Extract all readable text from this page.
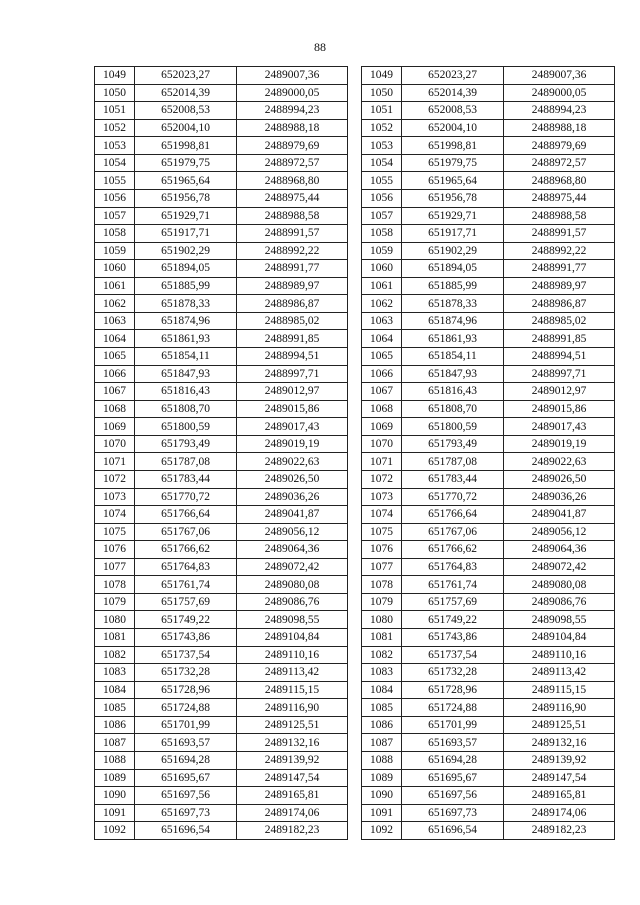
88
1049	652023,27	2489007,36
1050	652014,39	2489000,05
1051	652008,53	2488994,23
1052	652004,10	2488988,18
1053	651998,81	2488979,69
1054	651979,75	2488972,57
1055	651965,64	2488968,80
1056	651956,78	2488975,44
1057	651929,71	2488988,58
1058	651917,71	2488991,57
1059	651902,29	2488992,22
1060	651894,05	2488991,77
1061	651885,99	2488989,97
1062	651878,33	2488986,87
1063	651874,96	2488985,02
1064	651861,93	2488991,85
1065	651854,11	2488994,51
1066	651847,93	2488997,71
1067	651816,43	2489012,97
1068	651808,70	2489015,86
1069	651800,59	2489017,43
1070	651793,49	2489019,19
1071	651787,08	2489022,63
1072	651783,44	2489026,50
1073	651770,72	2489036,26
1074	651766,64	2489041,87
1075	651767,06	2489056,12
1076	651766,62	2489064,36
1077	651764,83	2489072,42
1078	651761,74	2489080,08
1079	651757,69	2489086,76
1080	651749,22	2489098,55
1081	651743,86	2489104,84
1082	651737,54	2489110,16
1083	651732,28	2489113,42
1084	651728,96	2489115,15
1085	651724,88	2489116,90
1086	651701,99	2489125,51
1087	651693,57	2489132,16
1088	651694,28	2489139,92
1089	651695,67	2489147,54
1090	651697,56	2489165,81
1091	651697,73	2489174,06
1092	651696,54	2489182,23
1049	652023,27	2489007,36
1050	652014,39	2489000,05
1051	652008,53	2488994,23
1052	652004,10	2488988,18
1053	651998,81	2488979,69
1054	651979,75	2488972,57
1055	651965,64	2488968,80
1056	651956,78	2488975,44
1057	651929,71	2488988,58
1058	651917,71	2488991,57
1059	651902,29	2488992,22
1060	651894,05	2488991,77
1061	651885,99	2488989,97
1062	651878,33	2488986,87
1063	651874,96	2488985,02
1064	651861,93	2488991,85
1065	651854,11	2488994,51
1066	651847,93	2488997,71
1067	651816,43	2489012,97
1068	651808,70	2489015,86
1069	651800,59	2489017,43
1070	651793,49	2489019,19
1071	651787,08	2489022,63
1072	651783,44	2489026,50
1073	651770,72	2489036,26
1074	651766,64	2489041,87
1075	651767,06	2489056,12
1076	651766,62	2489064,36
1077	651764,83	2489072,42
1078	651761,74	2489080,08
1079	651757,69	2489086,76
1080	651749,22	2489098,55
1081	651743,86	2489104,84
1082	651737,54	2489110,16
1083	651732,28	2489113,42
1084	651728,96	2489115,15
1085	651724,88	2489116,90
1086	651701,99	2489125,51
1087	651693,57	2489132,16
1088	651694,28	2489139,92
1089	651695,67	2489147,54
1090	651697,56	2489165,81
1091	651697,73	2489174,06
1092	651696,54	2489182,23
